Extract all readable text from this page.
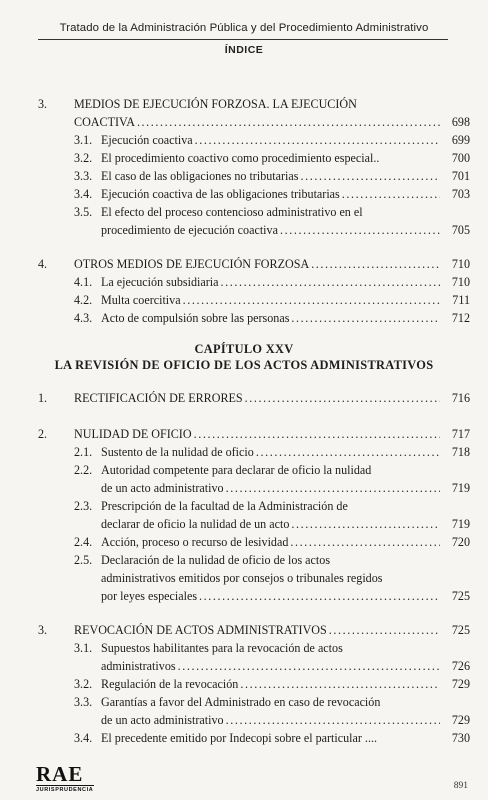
Tratado de la Administración Pública y del Procedimiento Administrativo
ÍNDICE
3. MEDIOS DE EJECUCIÓN FORZOSA. LA EJECUCIÓN
COACTIVA .....	698
3.1. Ejecución coactiva .....	699
3.2. El procedimiento coactivo como procedimiento especial..	700
3.3. El caso de las obligaciones no tributarias .....	701
3.4. Ejecución coactiva de las obligaciones tributarias .....	703
3.5. El efecto del proceso contencioso administrativo en el
procedimiento de ejecución coactiva .....	705
4. OTROS MEDIOS DE EJECUCIÓN FORZOSA .....	710
4.1. La ejecución subsidiaria .....	710
4.2. Multa coercitiva .....	711
4.3. Acto de compulsión sobre las personas .....	712
1. RECTIFICACIÓN DE ERRORES .....	716
2. NULIDAD DE OFICIO .....	717
2.1. Sustento de la nulidad de oficio .....	718
2.2. Autoridad competente para declarar de oficio la nulidad
de un acto administrativo .....	719
2.3. Prescripción de la facultad de la Administración de
declarar de oficio la nulidad de un acto .....	719
2.4. Acción, proceso o recurso de lesividad .....	720
2.5. Declaración de la nulidad de oficio de los actos
administrativos emitidos por consejos o tribunales regidos
por leyes especiales .....	725
3. REVOCACIÓN DE ACTOS ADMINISTRATIVOS .....	725
3.1. Supuestos habilitantes para la revocación de actos
administrativos .....	726
3.2. Regulación de la revocación .....	729
3.3. Garantías a favor del Administrado en caso de revocación
de un acto administrativo .....	729
3.4. El precedente emitido por Indecopi sobre el particular ....	730
CAPÍTULO XXV
LA REVISIÓN DE OFICIO DE LOS ACTOS ADMINISTRATIVOS
RAE
JURISPRUDENCIA	891
